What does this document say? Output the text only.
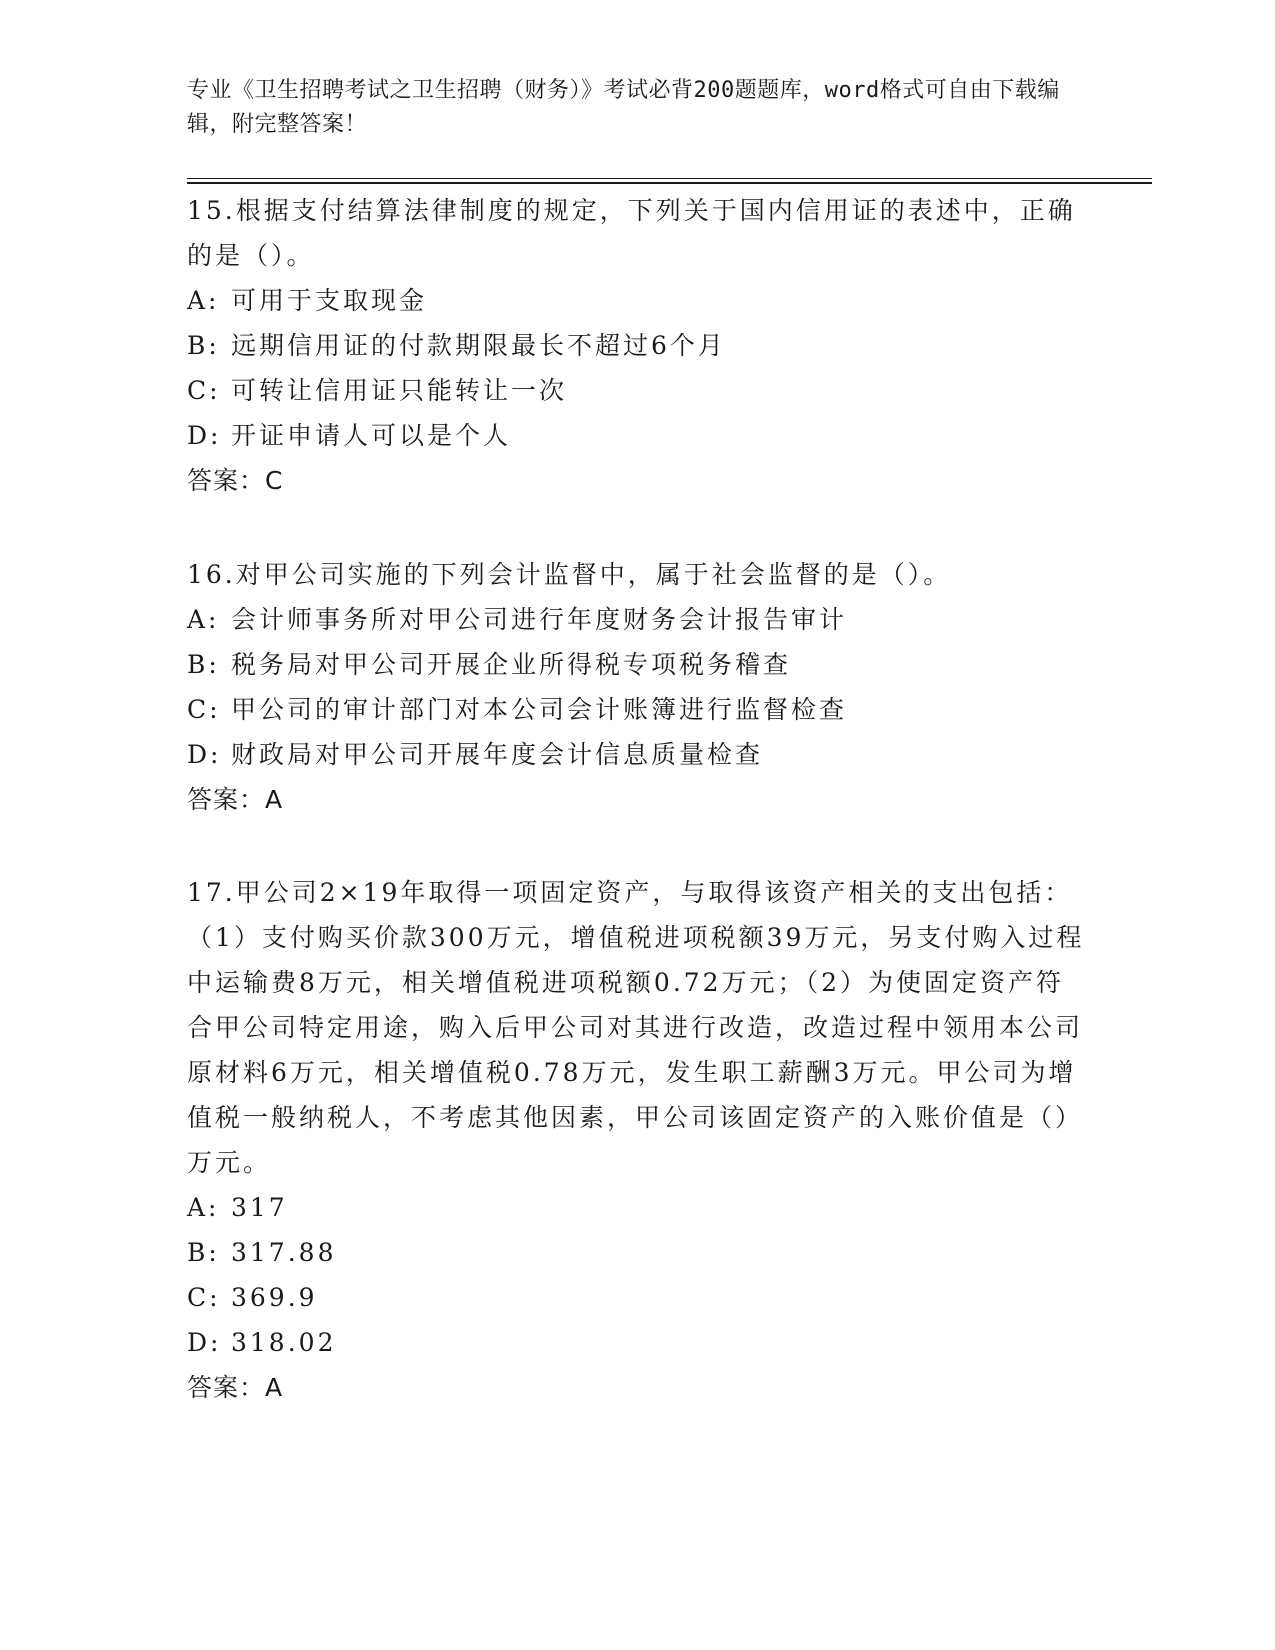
专业《卫生招聘考试之卫生招聘（财务）》考试必背200题题库，word格式可自由下载编辑，附完整答案！

15.根据支付结算法律制度的规定，下列关于国内信用证的表述中，正确的是（）。

A: 可用于支取现金

B: 远期信用证的付款期限最长不超过6个月

C: 可转让信用证只能转让一次

D: 开证申请人可以是个人

答案：C

16.对甲公司实施的下列会计监督中，属于社会监督的是（）。

A: 会计师事务所对甲公司进行年度财务会计报告审计

B: 税务局对甲公司开展企业所得税专项税务稽查

C: 甲公司的审计部门对本公司会计账簿进行监督检查

D: 财政局对甲公司开展年度会计信息质量检查

答案：A

17.甲公司2×19年取得一项固定资产，与取得该资产相关的支出包括：（1）支付购买价款300万元，增值税进项税额39万元，另支付购入过程中运输费8万元，相关增值税进项税额0.72万元；（2）为使固定资产符合甲公司特定用途，购入后甲公司对其进行改造，改造过程中领用本公司原材料6万元，相关增值税0.78万元，发生职工薪酬3万元。甲公司为增值税一般纳税人，不考虑其他因素，甲公司该固定资产的入账价值是（）万元。

A: 317

B: 317.88

C: 369.9

D: 318.02

答案：A
